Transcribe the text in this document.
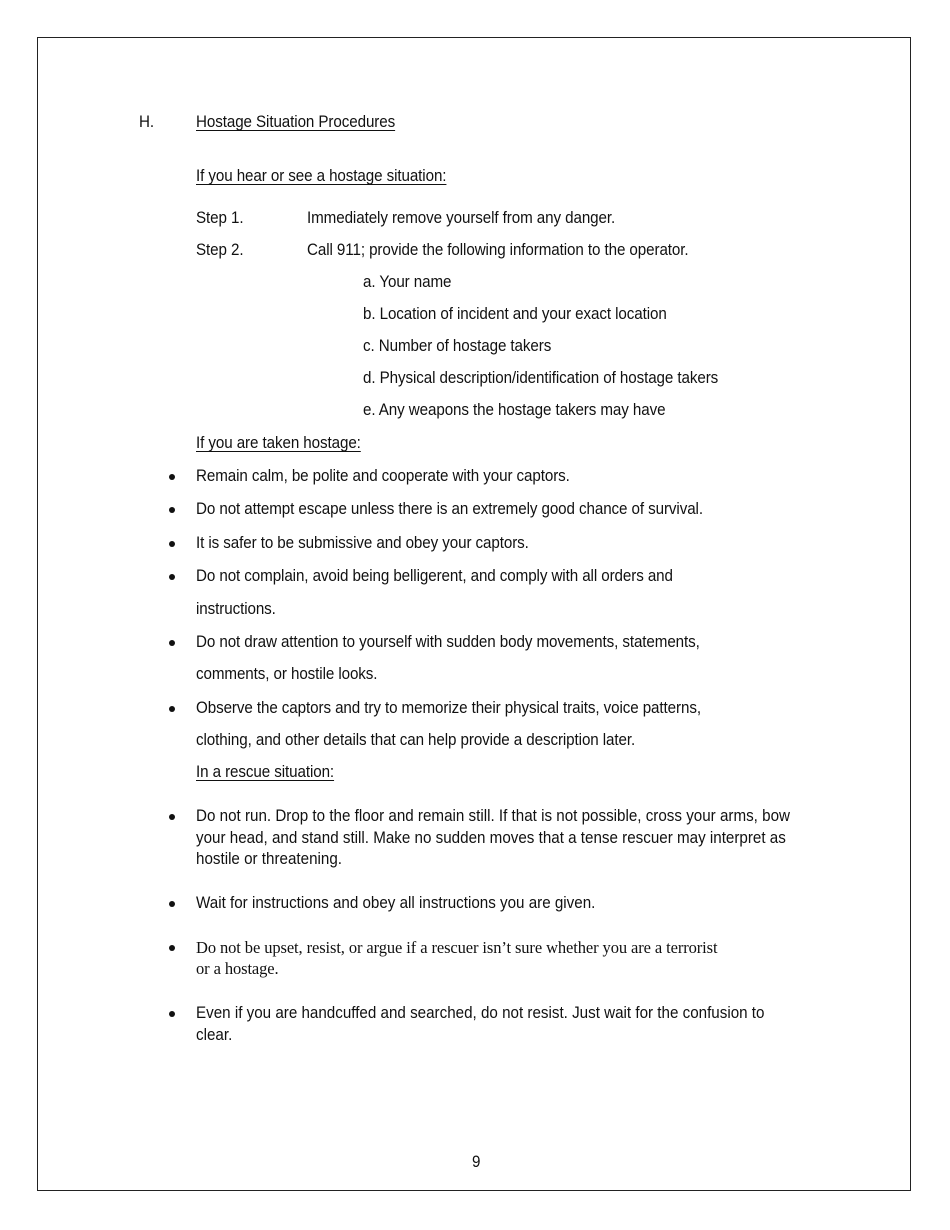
H.	Hostage Situation Procedures
If you hear or see a hostage situation:
Step 1.	Immediately remove yourself from any danger.
Step 2.	Call 911; provide the following information to the operator.
a. Your name
b. Location of incident and your exact location
c. Number of hostage takers
d. Physical description/identification of hostage takers
e. Any weapons the hostage takers may have
If you are taken hostage:
Remain calm, be polite and cooperate with your captors.
Do not attempt escape unless there is an extremely good chance of survival.
It is safer to be submissive and obey your captors.
Do not complain, avoid being belligerent, and comply with all orders and
instructions.
Do not draw attention to yourself with sudden body movements, statements,
comments, or hostile looks.
Observe the captors and try to memorize their physical traits, voice patterns,
clothing, and other details that can help provide a description later.
In a rescue situation:
Do not run. Drop to the floor and remain still. If that is not possible, cross your arms, bow your head, and stand still. Make no sudden moves that a tense rescuer may interpret as hostile or threatening.
Wait for instructions and obey all instructions you are given.
Do not be upset, resist, or argue if a rescuer isn’t sure whether you are a terrorist
or a hostage.
Even if you are handcuffed and searched, do not resist. Just wait for the confusion to clear.
9
